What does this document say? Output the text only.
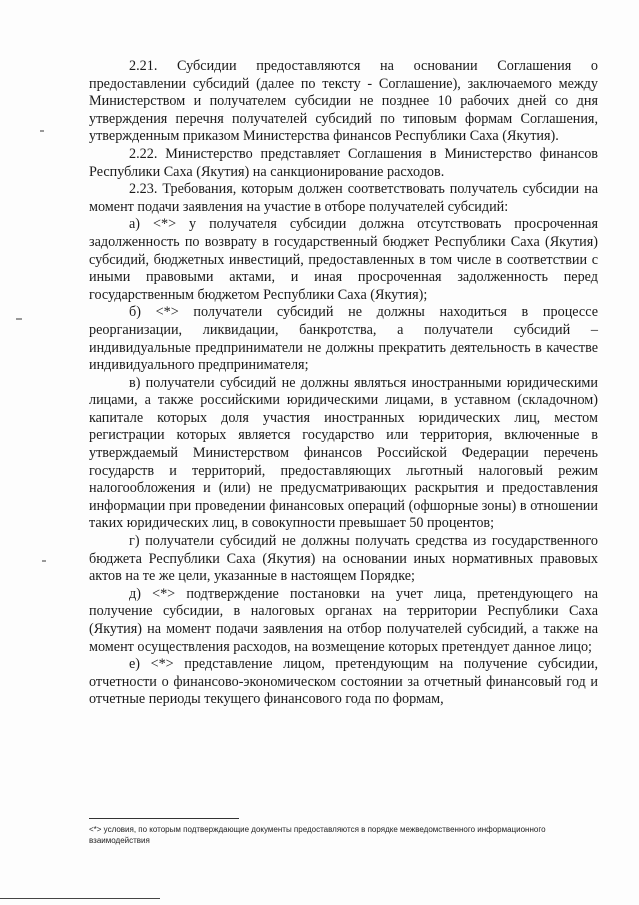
2.21. Субсидии предоставляются на основании Соглашения о предоставлении субсидий (далее по тексту - Соглашение), заключаемого между Министерством и получателем субсидии не позднее 10 рабочих дней со дня утверждения перечня получателей субсидий по типовым формам Соглашения, утвержденным приказом Министерства финансов Республики Саха (Якутия).

2.22. Министерство представляет Соглашения в Министерство финансов Республики Саха (Якутия) на санкционирование расходов.

2.23. Требования, которым должен соответствовать получатель субсидии на момент подачи заявления на участие в отборе получателей субсидий:

а) <*> у получателя субсидии должна отсутствовать просроченная задолженность по возврату в государственный бюджет Республики Саха (Якутия) субсидий, бюджетных инвестиций, предоставленных в том числе в соответствии с иными правовыми актами, и иная просроченная задолженность перед государственным бюджетом Республики Саха (Якутия);

б) <*> получатели субсидий не должны находиться в процессе реорганизации, ликвидации, банкротства, а получатели субсидий – индивидуальные предприниматели не должны прекратить деятельность в качестве индивидуального предпринимателя;

в) получатели субсидий не должны являться иностранными юридическими лицами, а также российскими юридическими лицами, в уставном (складочном) капитале которых доля участия иностранных юридических лиц, местом регистрации которых является государство или территория, включенные в утверждаемый Министерством финансов Российской Федерации перечень государств и территорий, предоставляющих льготный налоговый режим налогообложения и (или) не предусматривающих раскрытия и предоставления информации при проведении финансовых операций (офшорные зоны) в отношении таких юридических лиц, в совокупности превышает 50 процентов;

г) получатели субсидий не должны получать средства из государственного бюджета Республики Саха (Якутия) на основании иных нормативных правовых актов на те же цели, указанные в настоящем Порядке;

д) <*> подтверждение постановки на учет лица, претендующего на получение субсидии, в налоговых органах на территории Республики Саха (Якутия) на момент подачи заявления на отбор получателей субсидий, а также на момент осуществления расходов, на возмещение которых претендует данное лицо;

е) <*> представление лицом, претендующим на получение субсидии, отчетности о финансово-экономическом состоянии за отчетный финансовый год и отчетные периоды текущего финансового года по формам,

<*> условия, по которым подтверждающие документы предоставляются в порядке межведомственного информационного взаимодействия
